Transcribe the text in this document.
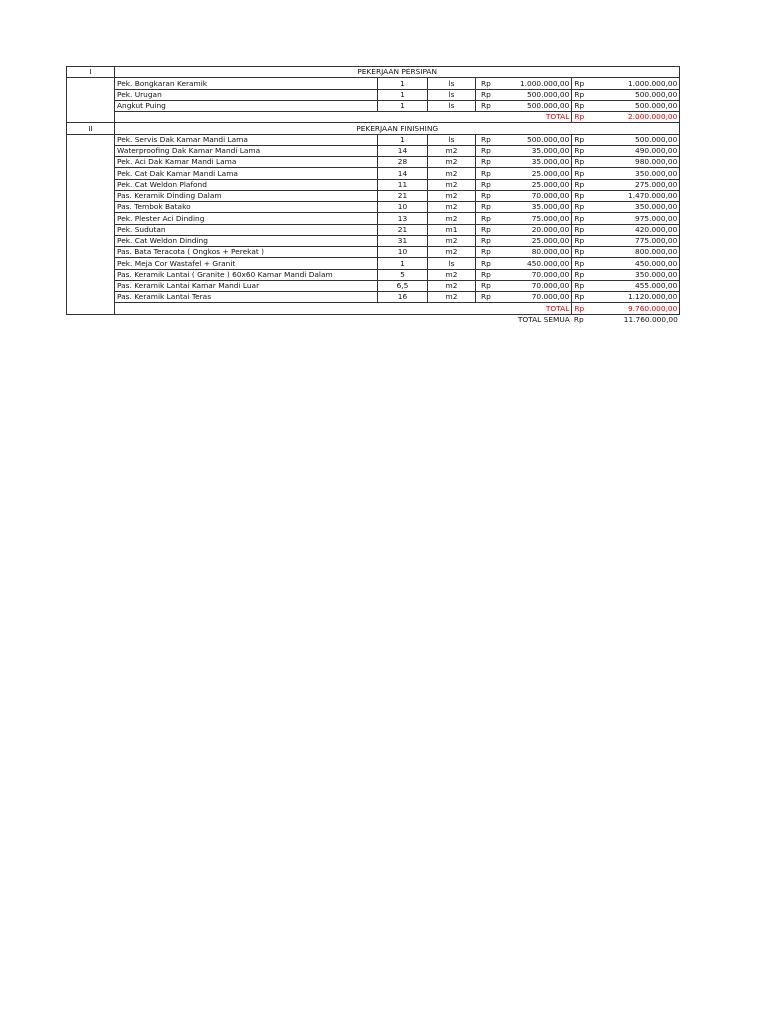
I	PEKERJAAN PERSIPAN						
	Pek. Bongkaran Keramik	1	ls	Rp	1.000.000,00	Rp	1.000.000,00
	Pek. Urugan	1	ls	Rp	500.000,00	Rp	500.000,00
	Angkut Puing	1	ls	Rp	500.000,00	Rp	500.000,00
	TOTAL					Rp	2.000.000,00
II	PEKERJAAN FINISHING						
	Pek. Servis Dak Kamar Mandi Lama	1	ls	Rp	500.000,00	Rp	500.000,00
	Waterproofing Dak Kamar Mandi Lama	14	m2	Rp	35.000,00	Rp	490.000,00
	Pek. Aci Dak Kamar Mandi Lama	28	m2	Rp	35.000,00	Rp	980.000,00
	Pek. Cat Dak Kamar Mandi Lama	14	m2	Rp	25.000,00	Rp	350.000,00
	Pek. Cat Weldon Plafond	11	m2	Rp	25.000,00	Rp	275.000,00
	Pas. Keramik Dinding Dalam	21	m2	Rp	70.000,00	Rp	1.470.000,00
	Pas. Tembok Batako	10	m2	Rp	35.000,00	Rp	350.000,00
	Pek. Plester Aci Dinding	13	m2	Rp	75.000,00	Rp	975.000,00
	Pek. Sudutan	21	m1	Rp	20.000,00	Rp	420.000,00
	Pek. Cat Weldon Dinding	31	m2	Rp	25.000,00	Rp	775.000,00
	Pas. Bata Teracota ( Ongkos + Perekat )	10	m2	Rp	80.000,00	Rp	800.000,00
	Pek. Meja Cor Wastafel + Granit	1	ls	Rp	450.000,00	Rp	450.000,00
	Pas. Keramik Lantai ( Granite ) 60x60 Kamar Mandi Dalam	5	m2	Rp	70.000,00	Rp	350.000,00
	Pas. Keramik Lantai Kamar Mandi Luar	6,5	m2	Rp	70.000,00	Rp	455.000,00
	Pas. Keramik Lantai Teras	16	m2	Rp	70.000,00	Rp	1.120.000,00
	TOTAL					Rp	9.760.000,00
TOTAL SEMUA						Rp	11.760.000,00
